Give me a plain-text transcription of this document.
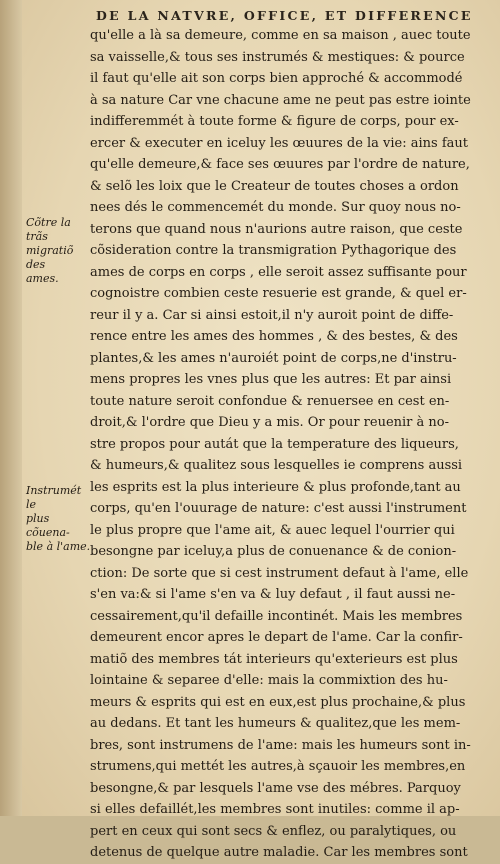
DE LA NATVRE, OFFICE, ET DIFFERENCE
qu'elle a là sa demeure, comme en sa maison , auec toute
sa vaisselle,& tous ses instrumés & mestiques: & pource
il faut qu'elle ait son corps bien approché & accommodé
à sa nature Car vne chacune ame ne peut pas estre iointe
indifferemmét à toute forme & figure de corps, pour ex-
ercer & executer en iceluy les œuures de la vie: ains faut
qu'elle demeure,& face ses œuures par l'ordre de nature,
& selõ les loix que le Createur de toutes choses a ordon
nees dés le commencemét du monde. Sur quoy nous no-
terons que quand nous n'aurions autre raison, que ceste
cõsideration contre la transmigration Pythagorique des
ames de corps en corps , elle seroit assez suffisante pour
cognoistre combien ceste resuerie est grande, & quel er-
reur il y a. Car si ainsi estoit,il n'y auroit point de diffe-
rence entre les ames des hommes , & des bestes, & des
plantes,& les ames n'auroiét point de corps,ne d'instru-
mens propres les vnes plus que les autres: Et par ainsi
toute nature seroit confondue & renuersee en cest en-
droit,& l'ordre que Dieu y a mis. Or pour reuenir à no-
stre propos pour autát que la temperature des liqueurs,
& humeurs,& qualitez sous lesquelles ie comprens aussi
les esprits est la plus interieure & plus profonde,tant au
corps, qu'en l'ouurage de nature: c'est aussi l'instrument
le plus propre que l'ame ait, & auec lequel l'ourrier qui
besongne par iceluy,a plus de conuenance & de conion-
ction: De sorte que si cest instrument defaut à l'ame, elle
s'en va:& si l'ame s'en va & luy defaut , il faut aussi ne-
cessairement,qu'il defaille incontinét. Mais les membres
demeurent encor apres le depart de l'ame. Car la confir-
matiõ des membres tát interieurs qu'exterieurs est plus
lointaine & separee d'elle: mais la commixtion des hu-
meurs & esprits qui est en eux,est plus prochaine,& plus
au dedans. Et tant les humeurs & qualitez,que les mem-
bres, sont instrumens de l'ame: mais les humeurs sont in-
strumens,qui mettét les autres,à sçauoir les membres,en
besongne,& par lesquels l'ame vse des mébres. Parquoy
si elles defaillét,les membres sont inutiles: comme il ap-
pert en ceux qui sont secs & enflez, ou paralytiques, ou
detenus de quelque autre maladie. Car les membres sont
Cõtre la trãs
migratiõ des
ames.
Instrumét le
plus cõuena-
ble à l'ame.
